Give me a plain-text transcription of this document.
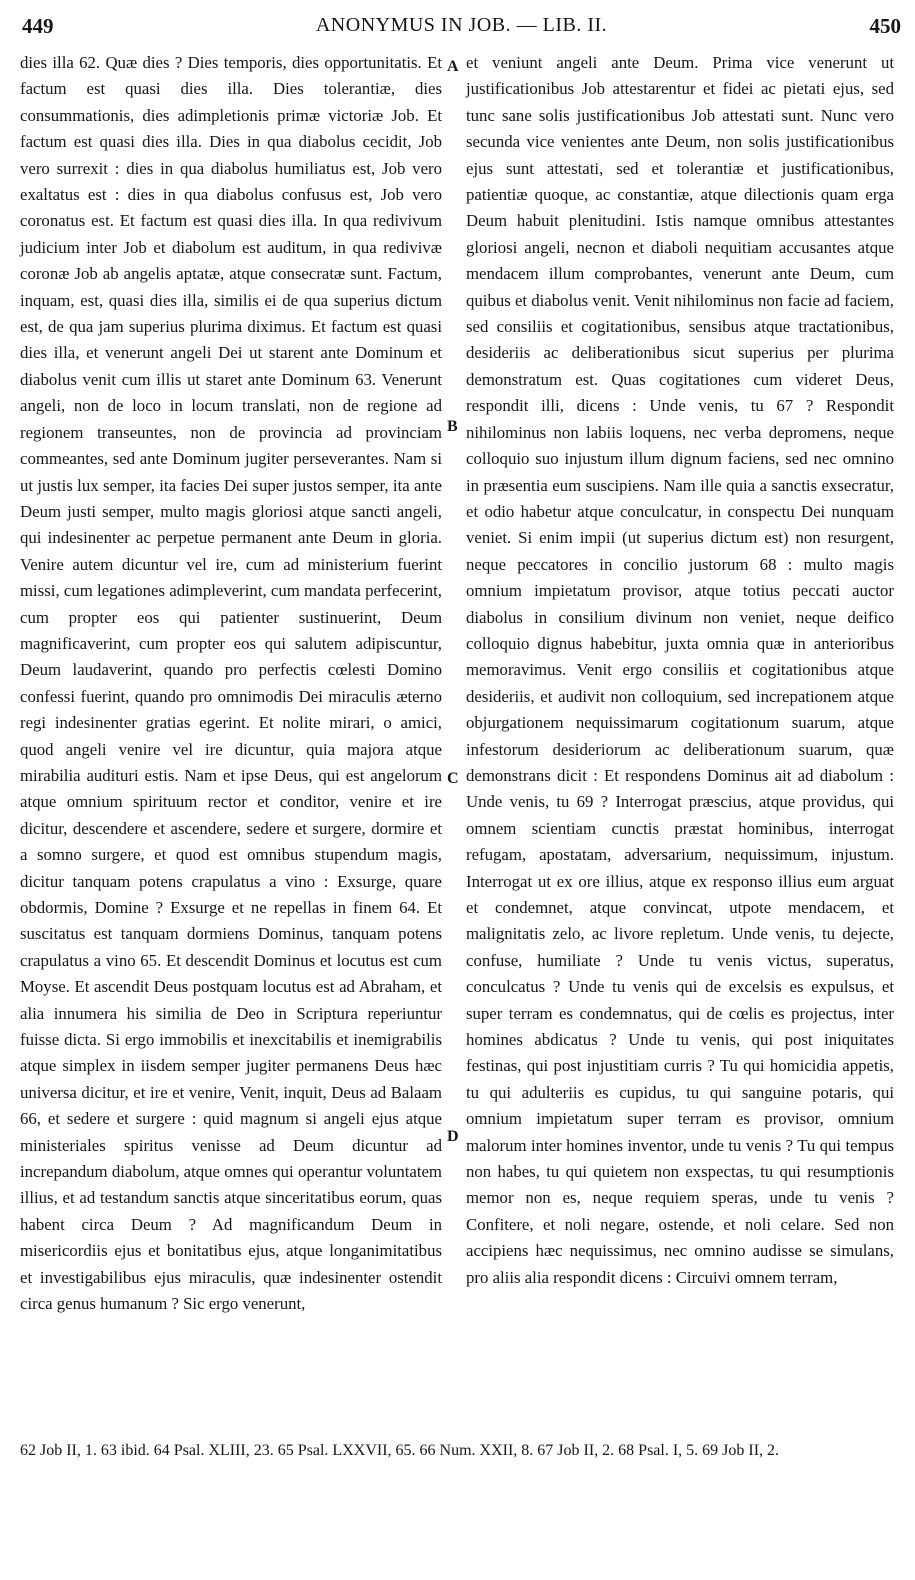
449	ANONYMUS IN JOB. — LIB. II.	450

dies illa 62. Quæ dies ? Dies temporis, dies opportunitatis. Et factum est quasi dies illa. Dies tolerantiæ, dies consummationis, dies adimpletionis primæ victoriæ Job. Et factum est quasi dies illa. Dies in qua diabolus cecidit, Job vero surrexit : dies in qua diabolus humiliatus est, Job vero exaltatus est : dies in qua diabolus confusus est, Job vero coronatus est. Et factum est quasi dies illa. In qua redivivum judicium inter Job et diabolum est auditum, in qua redivivæ coronæ Job ab angelis aptatæ, atque consecratæ sunt. Factum, inquam, est, quasi dies illa, similis ei de qua superius dictum est, de qua jam superius plurima diximus. Et factum est quasi dies illa, et venerunt angeli Dei ut starent ante Dominum et diabolus venit cum illis ut staret ante Dominum 63. Venerunt angeli, non de loco in locum translati, non de regione ad regionem transeuntes, non de provincia ad provinciam commeantes, sed ante Dominum jugiter perseverantes. Nam si ut justis lux semper, ita facies Dei super justos semper, ita ante Deum justi semper, multo magis gloriosi atque sancti angeli, qui indesinenter ac perpetue permanent ante Deum in gloria. Venire autem dicuntur vel ire, cum ad ministerium fuerint missi, cum legationes adimpleverint, cum mandata perfecerint, cum propter eos qui patienter sustinuerint, Deum magnificaverint, cum propter eos qui salutem adipiscuntur, Deum laudaverint, quando pro perfectis cœlesti Domino confessi fuerint, quando pro omnimodis Dei miraculis æterno regi indesinenter gratias egerint. Et nolite mirari, o amici, quod angeli venire vel ire dicuntur, quia majora atque mirabilia audituri estis. Nam et ipse Deus, qui est angelorum atque omnium spirituum rector et conditor, venire et ire dicitur, descendere et ascendere, sedere et surgere, dormire et a somno surgere, et quod est omnibus stupendum magis, dicitur tanquam potens crapulatus a vino : Exsurge, quare obdormis, Domine ? Exsurge et ne repellas in finem 64. Et suscitatus est tanquam dormiens Dominus, tanquam potens crapulatus a vino 65. Et descendit Dominus et locutus est cum Moyse. Et ascendit Deus postquam locutus est ad Abraham, et alia innumera his similia de Deo in Scriptura reperiuntur fuisse dicta. Si ergo immobilis et inexcitabilis et inemigrabilis atque simplex in iisdem semper jugiter permanens Deus hæc universa dicitur, et ire et venire, Venit, inquit, Deus ad Balaam 66, et sedere et surgere : quid magnum si angeli ejus atque ministeriales spiritus venisse ad Deum dicuntur ad increpandum diabolum, atque omnes qui operantur voluntatem illius, et ad testandum sanctis atque sinceritatibus eorum, quas habent circa Deum ? Ad magnificandum Deum in misericordiis ejus et bonitatibus ejus, atque longanimitatibus et investigabilibus ejus miraculis, quæ indesinenter ostendit circa genus humanum ? Sic ergo venerunt,

et veniunt angeli ante Deum. Prima vice venerunt ut justificationibus Job attestarentur et fidei ac pietati ejus, sed tunc sane solis justificationibus Job attestati sunt. Nunc vero secunda vice venientes ante Deum, non solis justificationibus ejus sunt attestati, sed et tolerantiæ et justificationibus, patientiæ quoque, ac constantiæ, atque dilectionis quam erga Deum habuit plenitudini. Istis namque omnibus attestantes gloriosi angeli, necnon et diaboli nequitiam accusantes atque mendacem illum comprobantes, venerunt ante Deum, cum quibus et diabolus venit. Venit nihilominus non facie ad faciem, sed consiliis et cogitationibus, sensibus atque tractationibus, desideriis ac deliberationibus sicut superius per plurima demonstratum est. Quas cogitationes cum videret Deus, respondit illi, dicens : Unde venis, tu 67 ? Respondit nihilominus non labiis loquens, nec verba depromens, neque colloquio suo injustum illum dignum faciens, sed nec omnino in præsentia eum suscipiens. Nam ille quia a sanctis exsecratur, et odio habetur atque conculcatur, in conspectu Dei nunquam veniet. Si enim impii (ut superius dictum est) non resurgent, neque peccatores in concilio justorum 68 : multo magis omnium impietatum provisor, atque totius peccati auctor diabolus in consilium divinum non veniet, neque deifico colloquio dignus habebitur, juxta omnia quæ in anterioribus memoravimus. Venit ergo consiliis et cogitationibus atque desideriis, et audivit non colloquium, sed increpationem atque objurgationem nequissimarum cogitationum suarum, atque infestorum desideriorum ac deliberationum suarum, quæ demonstrans dicit : Et respondens Dominus ait ad diabolum : Unde venis, tu 69 ? Interrogat præscius, atque providus, qui omnem scientiam cunctis præstat hominibus, interrogat refugam, apostatam, adversarium, nequissimum, injustum. Interrogat ut ex ore illius, atque ex responso illius eum arguat et condemnet, atque convincat, utpote mendacem, et malignitatis zelo, ac livore repletum. Unde venis, tu dejecte, confuse, humiliate ? Unde tu venis victus, superatus, conculcatus ? Unde tu venis qui de excelsis es expulsus, et super terram es condemnatus, qui de cœlis es projectus, inter homines abdicatus ? Unde tu venis, qui post iniquitates festinas, qui post injustitiam curris ? Tu qui homicidia appetis, tu qui adulteriis es cupidus, tu qui sanguine potaris, qui omnium impietatum super terram es provisor, omnium malorum inter homines inventor, unde tu venis ? Tu qui tempus non habes, tu qui quietem non exspectas, tu qui resumptionis memor non es, neque requiem speras, unde tu venis ? Confitere, et noli negare, ostende, et noli celare. Sed non accipiens hæc nequissimus, nec omnino audisse se simulans, pro aliis alia respondit dicens : Circuivi omnem terram,

A
B
C
D
62 Job II, 1. 63 ibid. 64 Psal. XLIII, 23. 65 Psal. LXXVII, 65. 66 Num. XXII, 8. 67 Job II, 2. 68 Psal. I, 5. 69 Job II, 2.
